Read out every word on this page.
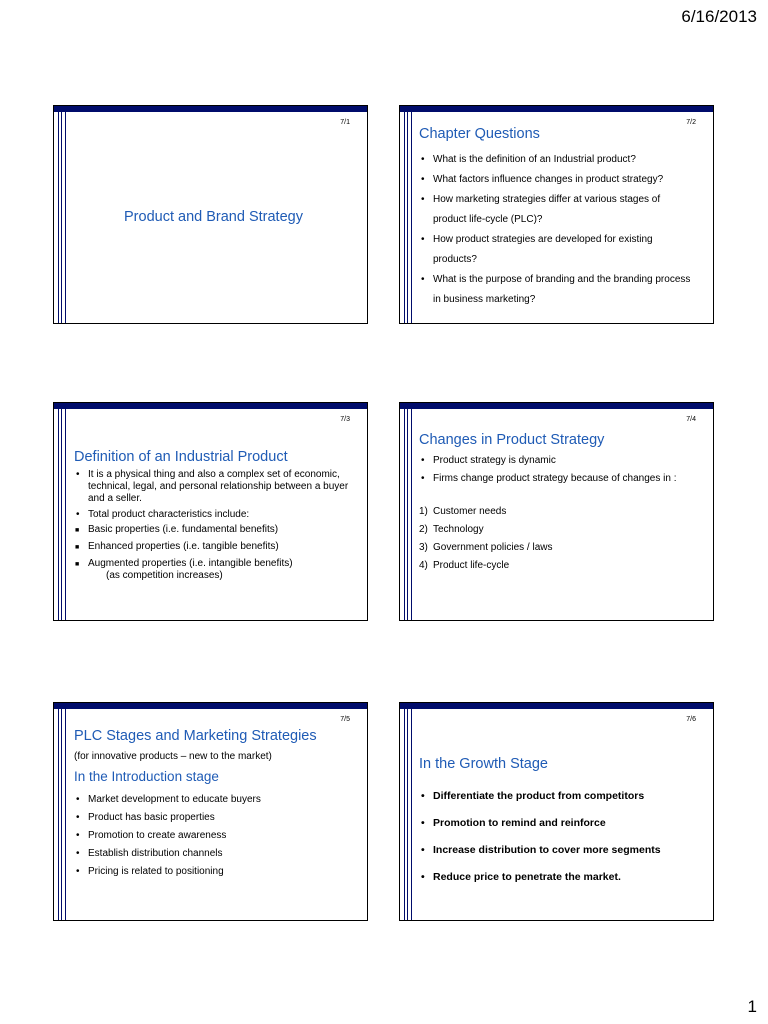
6/16/2013
7/1
Product and Brand Strategy
7/2
Chapter Questions
• What is the definition of an Industrial product?
• What factors influence changes in product strategy?
• How marketing strategies differ at various stages of product life-cycle (PLC)?
• How product strategies are developed for existing products?
• What is the purpose of branding and the branding process in business marketing?
7/3
Definition of an Industrial Product
• It is a physical thing and also a complex set of economic, technical, legal, and personal relationship between a buyer and a seller.
• Total product characteristics include:
■ Basic properties (i.e. fundamental benefits)
■ Enhanced properties (i.e. tangible benefits)
■ Augmented properties (i.e. intangible benefits)
(as competition increases)
7/4
Changes in Product Strategy
• Product strategy is dynamic
• Firms change product strategy because of changes in :
1) Customer needs
2) Technology
3) Government policies / laws
4) Product life-cycle
7/5
PLC Stages and Marketing Strategies
(for innovative products – new to the market)
In the Introduction stage
• Market development to educate buyers
• Product has basic properties
• Promotion to create awareness
• Establish distribution channels
• Pricing is related to positioning
7/6
In the Growth Stage
• Differentiate the product from competitors
• Promotion to remind and reinforce
• Increase distribution to cover more segments
• Reduce price to penetrate the market.
1
